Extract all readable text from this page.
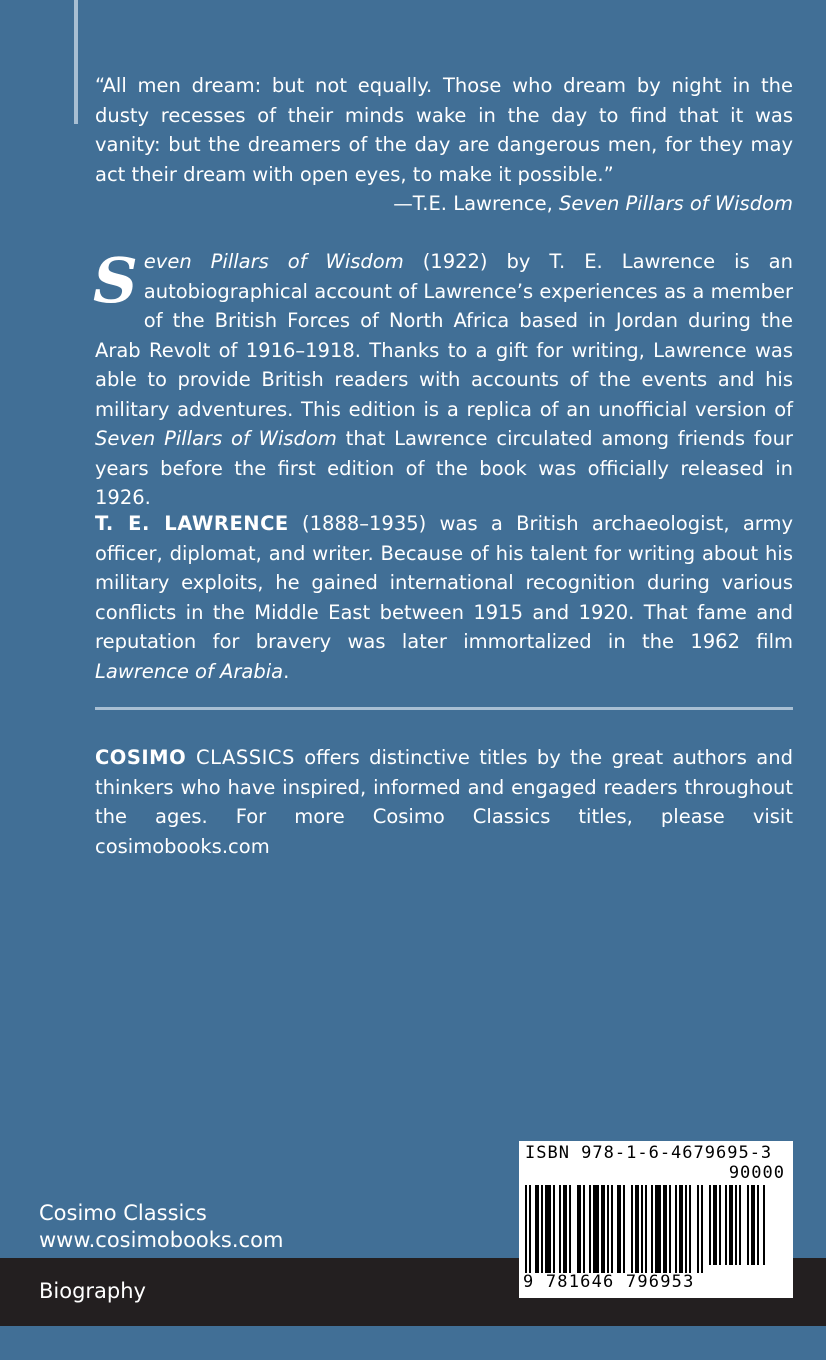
“All men dream: but not equally. Those who dream by night in the dusty recesses of their minds wake in the day to find that it was vanity: but the dreamers of the day are dangerous men, for they may act their dream with open eyes, to make it possible.”
—T.E. Lawrence, Seven Pillars of Wisdom

Seven Pillars of Wisdom (1922) by T. E. Lawrence is an autobiographical account of Lawrence’s experiences as a member of the British Forces of North Africa based in Jordan during the Arab Revolt of 1916–1918. Thanks to a gift for writing, Lawrence was able to provide British readers with accounts of the events and his military adventures. This edition is a replica of an unofficial version of Seven Pillars of Wisdom that Lawrence circulated among friends four years before the first edition of the book was officially released in 1926.

T. E. LAWRENCE (1888–1935) was a British archaeologist, army officer, diplomat, and writer. Because of his talent for writing about his military exploits, he gained international recognition during various conflicts in the Middle East between 1915 and 1920. That fame and reputation for bravery was later immortalized in the 1962 film Lawrence of Arabia.

COSIMO CLASSICS offers distinctive titles by the great authors and thinkers who have inspired, informed and engaged readers throughout the ages. For more Cosimo Classics titles, please visit cosimobooks.com

Cosimo Classics
www.cosimobooks.com
Biography
ISBN 978-1-6-4679695-3
90000
9 781646 796953
